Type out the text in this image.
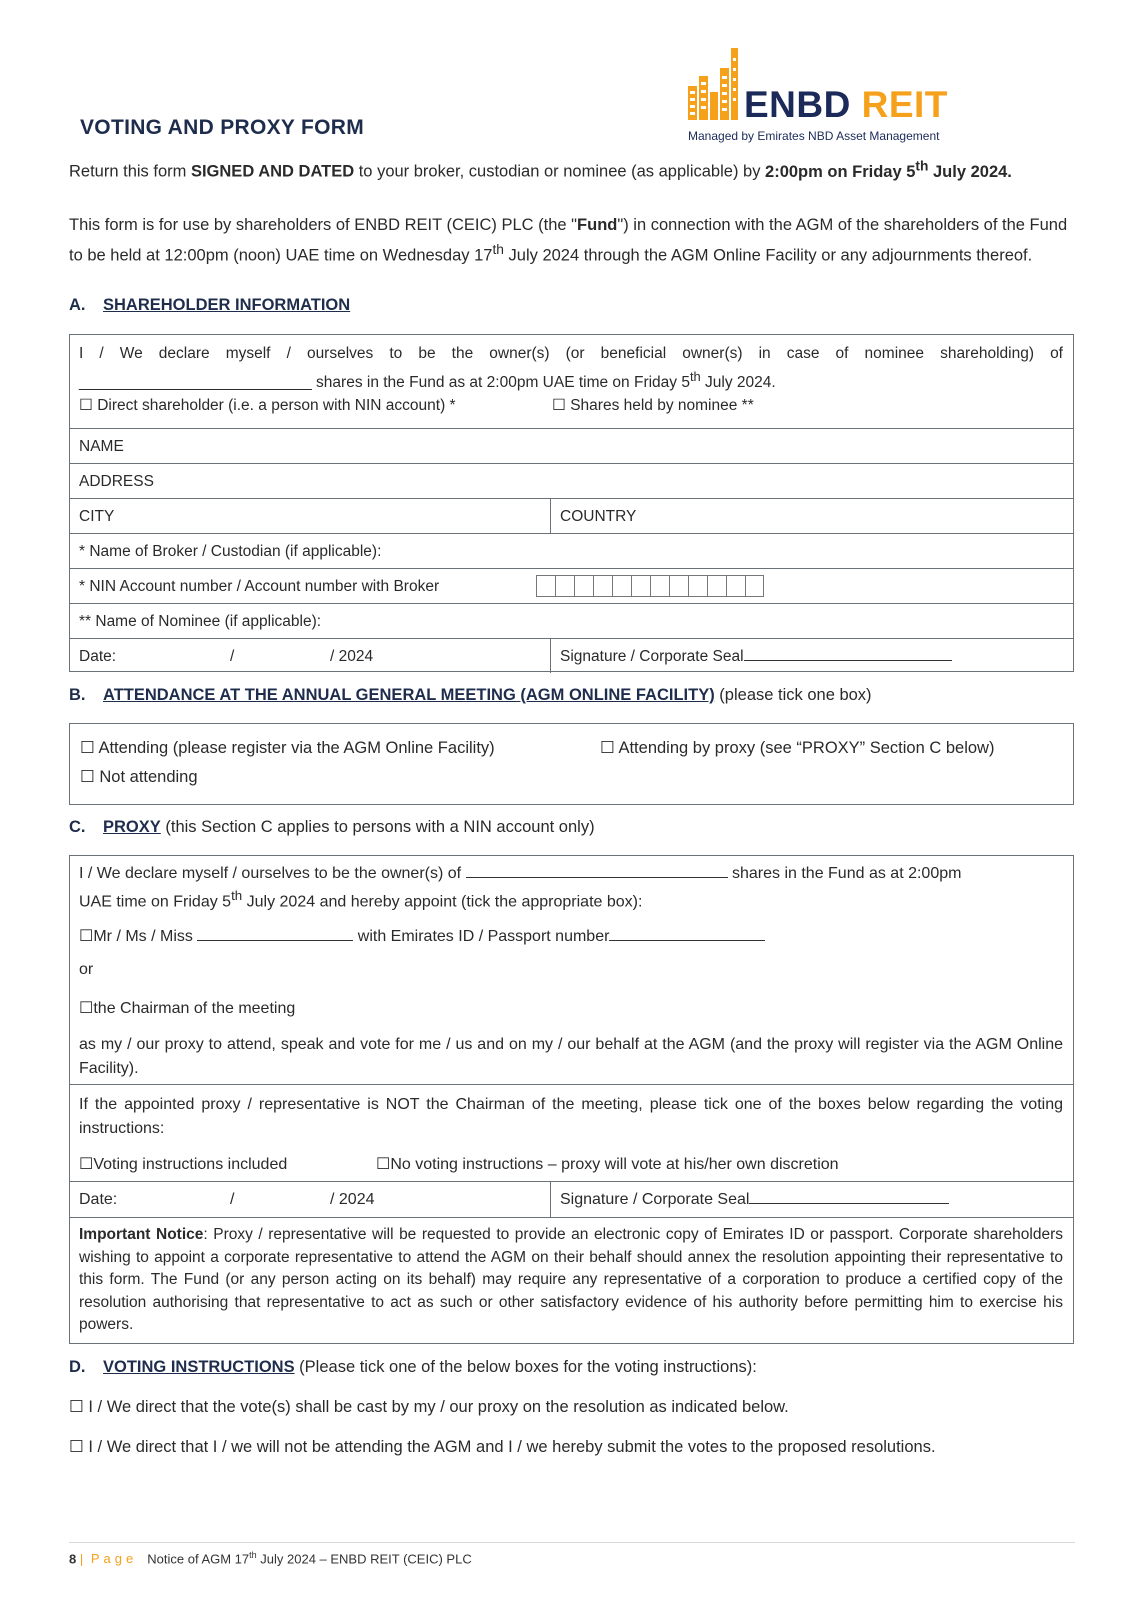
ENBD REIT
Managed by Emirates NBD Asset Management
VOTING AND PROXY FORM
Return this form SIGNED AND DATED to your broker, custodian or nominee (as applicable) by 2:00pm on Friday 5th July 2024.
This form is for use by shareholders of ENBD REIT (CEIC) PLC (the "Fund") in connection with the AGM of the shareholders of the Fund to be held at 12:00pm (noon) UAE time on Wednesday 17th July 2024 through the AGM Online Facility or any adjournments thereof.
A. SHAREHOLDER INFORMATION
I / We declare myself / ourselves to be the owner(s) (or beneficial owner(s) in case of nominee shareholding) of
___________________________ shares in the Fund as at 2:00pm UAE time on Friday 5th July 2024.
☐ Direct shareholder (i.e. a person with NIN account) *	☐ Shares held by nominee **
NAME
ADDRESS
CITY	COUNTRY
* Name of Broker / Custodian (if applicable):
* NIN Account number / Account number with Broker
** Name of Nominee (if applicable):
Date:	/	/ 2024	Signature / Corporate Seal
B. ATTENDANCE AT THE ANNUAL GENERAL MEETING (AGM ONLINE FACILITY) (please tick one box)
☐ Attending (please register via the AGM Online Facility)	☐ Attending by proxy (see “PROXY” Section C below)
☐ Not attending
C. PROXY (this Section C applies to persons with a NIN account only)
I / We declare myself / ourselves to be the owner(s) of	shares in the Fund as at 2:00pm
UAE time on Friday 5th July 2024 and hereby appoint (tick the appropriate box):
☐Mr / Ms / Miss	with Emirates ID / Passport number
or
☐the Chairman of the meeting
as my / our proxy to attend, speak and vote for me / us and on my / our behalf at the AGM (and the proxy will register via the AGM Online Facility).
If the appointed proxy / representative is NOT the Chairman of the meeting, please tick one of the boxes below regarding the voting instructions:
☐Voting instructions included	☐No voting instructions – proxy will vote at his/her own discretion
Date:	/	/ 2024	Signature / Corporate Seal
Important Notice: Proxy / representative will be requested to provide an electronic copy of Emirates ID or passport. Corporate shareholders wishing to appoint a corporate representative to attend the AGM on their behalf should annex the resolution appointing their representative to this form. The Fund (or any person acting on its behalf) may require any representative of a corporation to produce a certified copy of the resolution authorising that representative to act as such or other satisfactory evidence of his authority before permitting him to exercise his powers.
D. VOTING INSTRUCTIONS (Please tick one of the below boxes for the voting instructions):
☐ I / We direct that the vote(s) shall be cast by my / our proxy on the resolution as indicated below.
☐ I / We direct that I / we will not be attending the AGM and I / we hereby submit the votes to the proposed resolutions.
8 | Page Notice of AGM 17th July 2024 – ENBD REIT (CEIC) PLC
